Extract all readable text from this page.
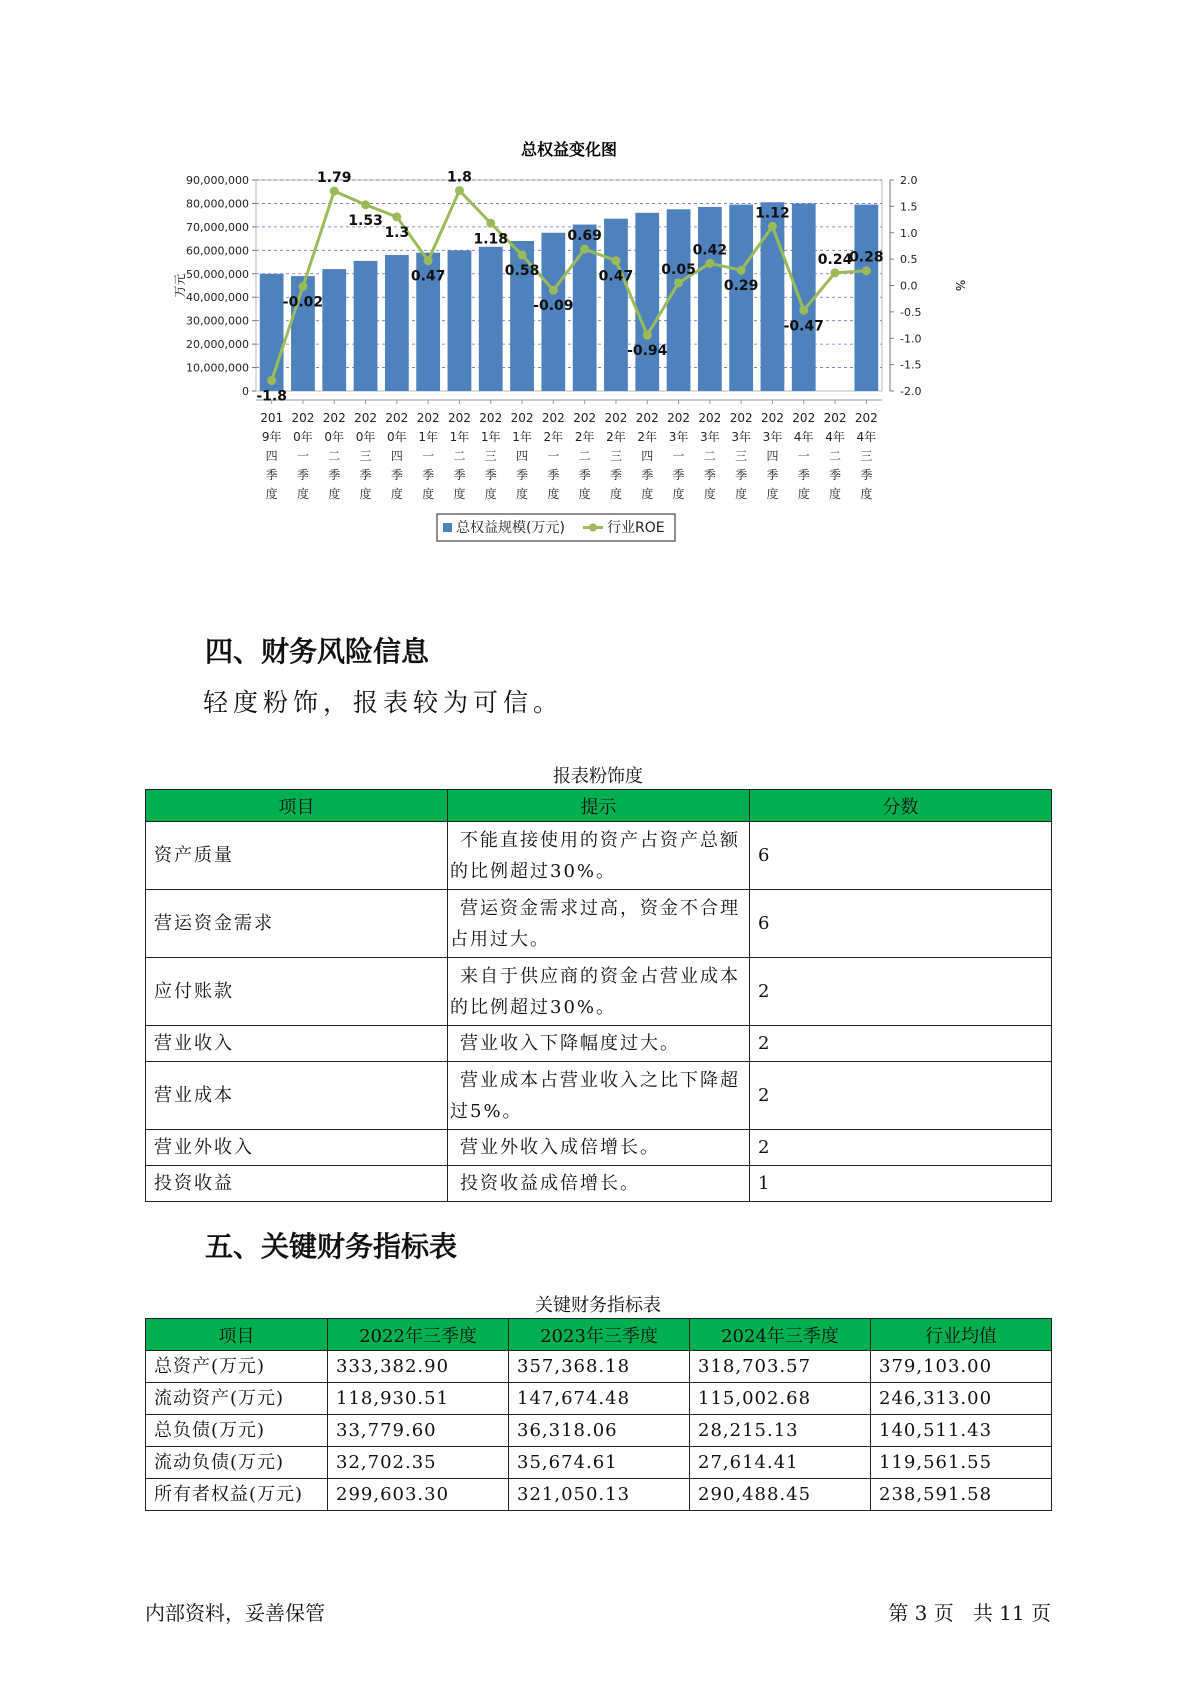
总权益变化图
0
10,000,000
20,000,000
30,000,000
40,000,000
50,000,000
60,000,000
70,000,000
80,000,000
90,000,000
-2.0
-1.5
-1.0
-0.5
0.0
0.5
1.0
1.5
2.0
万元	%
201 9年四季度
202 0年一季度
202 0年二季度
202 0年三季度
202 0年四季度
202 1年一季度
202 1年二季度
202 1年三季度
202 1年四季度
202 2年一季度
202 2年二季度
202 2年三季度
202 2年四季度
202 3年一季度
202 3年二季度
202 3年三季度
202 3年四季度
202 4年一季度
202 4年二季度
202 4年三季度
-1.8
-0.02
1.79
1.53
1.3
0.47
1.8
1.18
0.58
-0.09
0.69
0.47
-0.94
0.05
0.42
0.29
1.12
-0.47
0.24
0.28
总权益规模(万元)	行业ROE
四、财务风险信息

轻度粉饰，报表较为可信。

报表粉饰度
项目	提示	分数
资产质量	不能直接使用的资产占资产总额的比例超过30%。	6
营运资金需求	营运资金需求过高，资金不合理占用过大。	6
应付账款	来自于供应商的资金占营业成本的比例超过30%。	2
营业收入	营业收入下降幅度过大。	2
营业成本	营业成本占营业收入之比下降超过5%。	2
营业外收入	营业外收入成倍增长。	2
投资收益	投资收益成倍增长。	1
五、关键财务指标表
关键财务指标表
项目	2022年三季度	2023年三季度	2024年三季度	行业均值
总资产(万元)	333,382.90	357,368.18	318,703.57	379,103.00
流动资产(万元)	118,930.51	147,674.48	115,002.68	246,313.00
总负债(万元)	33,779.60	36,318.06	28,215.13	140,511.43
流动负债(万元)	32,702.35	35,674.61	27,614.41	119,561.55
所有者权益(万元)	299,603.30	321,050.13	290,488.45	238,591.58
内部资料，妥善保管	第 3 页   共 11 页
